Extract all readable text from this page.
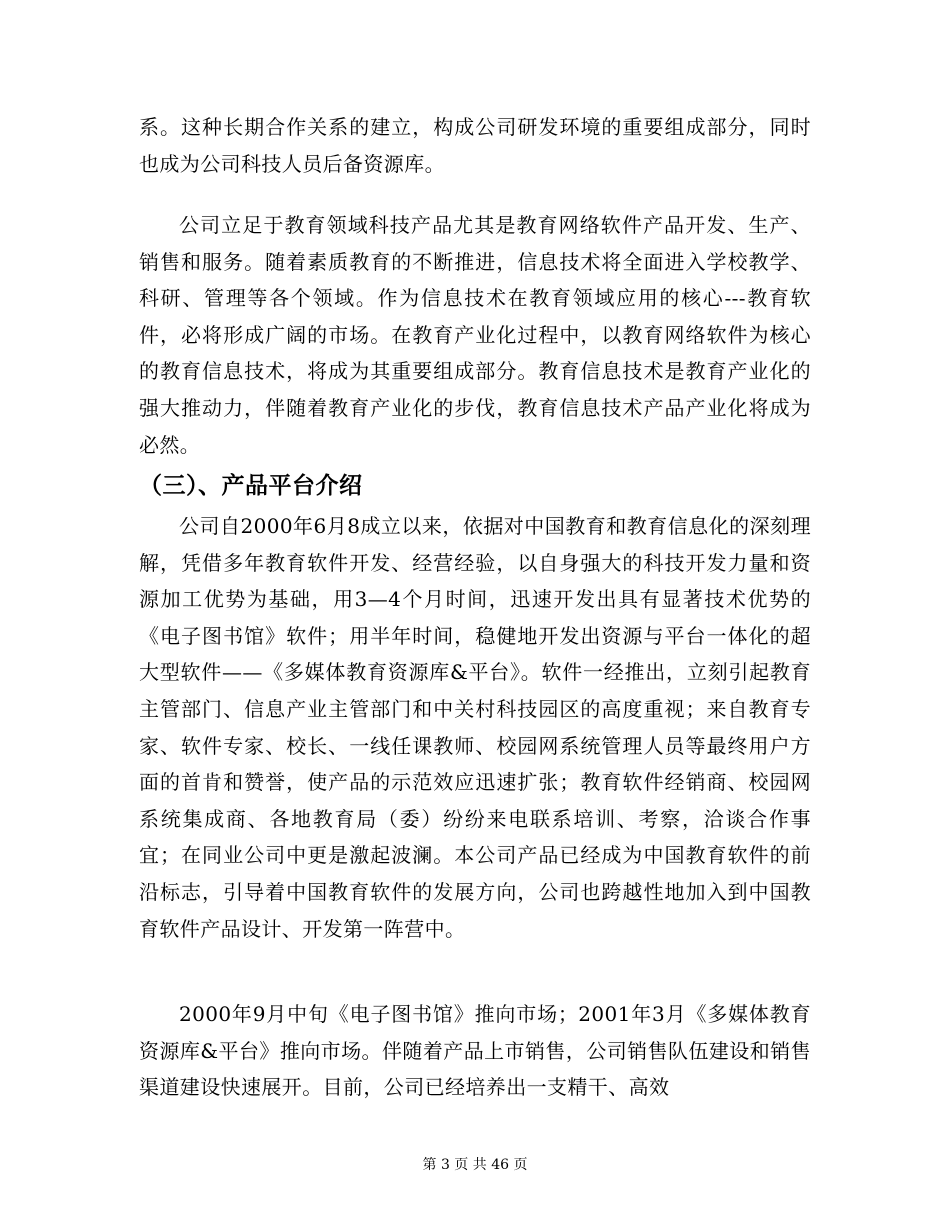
系。这种长期合作关系的建立，构成公司研发环境的重要组成部分，同时也成为公司科技人员后备资源库。

公司立足于教育领域科技产品尤其是教育网络软件产品开发、生产、销售和服务。随着素质教育的不断推进，信息技术将全面进入学校教学、科研、管理等各个领域。作为信息技术在教育领域应用的核心---教育软件，必将形成广阔的市场。在教育产业化过程中，以教育网络软件为核心的教育信息技术，将成为其重要组成部分。教育信息技术是教育产业化的强大推动力，伴随着教育产业化的步伐，教育信息技术产品产业化将成为必然。

（三）、产品平台介绍

公司自2000年6月8成立以来，依据对中国教育和教育信息化的深刻理解，凭借多年教育软件开发、经营经验，以自身强大的科技开发力量和资源加工优势为基础，用3—4个月时间，迅速开发出具有显著技术优势的《电子图书馆》软件；用半年时间，稳健地开发出资源与平台一体化的超大型软件——《多媒体教育资源库&平台》。软件一经推出，立刻引起教育主管部门、信息产业主管部门和中关村科技园区的高度重视；来自教育专家、软件专家、校长、一线任课教师、校园网系统管理人员等最终用户方面的首肯和赞誉，使产品的示范效应迅速扩张；教育软件经销商、校园网系统集成商、各地教育局（委）纷纷来电联系培训、考察，洽谈合作事宜；在同业公司中更是激起波澜。本公司产品已经成为中国教育软件的前沿标志，引导着中国教育软件的发展方向，公司也跨越性地加入到中国教育软件产品设计、开发第一阵营中。

2000年9月中旬《电子图书馆》推向市场；2001年3月《多媒体教育资源库&平台》推向市场。伴随着产品上市销售，公司销售队伍建设和销售渠道建设快速展开。目前，公司已经培养出一支精干、高效

第 3 页 共 46 页
